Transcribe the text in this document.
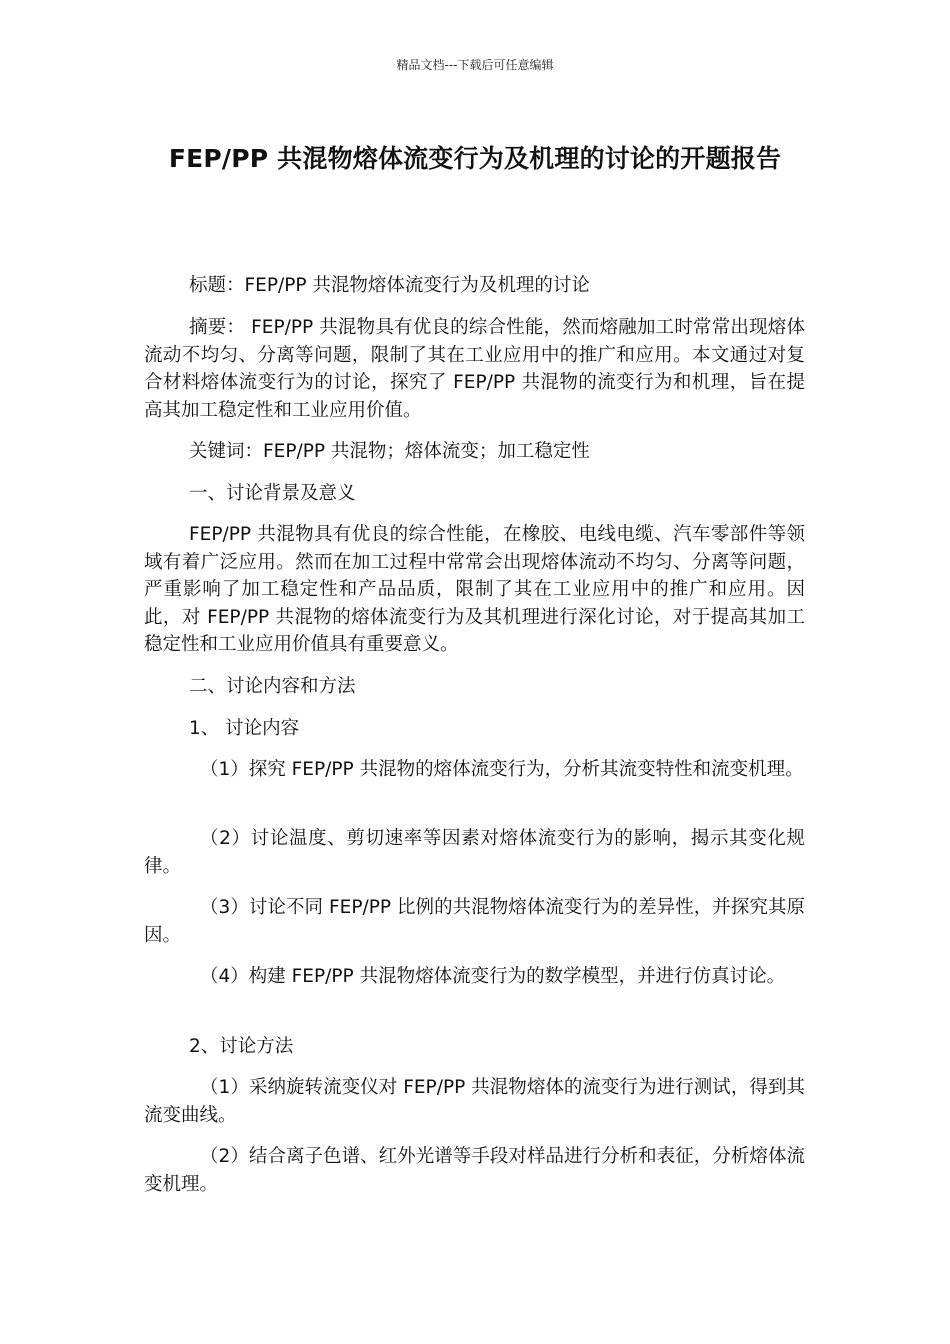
精品文档---下载后可任意编辑
FEP/PP 共混物熔体流变行为及机理的讨论的开题报告

标题：FEP/PP 共混物熔体流变行为及机理的讨论

摘要： FEP/PP 共混物具有优良的综合性能，然而熔融加工时常常出现熔体流动不均匀、分离等问题，限制了其在工业应用中的推广和应用。本文通过对复合材料熔体流变行为的讨论，探究了 FEP/PP 共混物的流变行为和机理，旨在提高其加工稳定性和工业应用价值。

关键词：FEP/PP 共混物；熔体流变；加工稳定性

一、讨论背景及意义

FEP/PP 共混物具有优良的综合性能，在橡胶、电线电缆、汽车零部件等领域有着广泛应用。然而在加工过程中常常会出现熔体流动不均匀、分离等问题，严重影响了加工稳定性和产品品质，限制了其在工业应用中的推广和应用。因此，对 FEP/PP 共混物的熔体流变行为及其机理进行深化讨论，对于提高其加工稳定性和工业应用价值具有重要意义。

二、讨论内容和方法

1、 讨论内容

（1）探究 FEP/PP 共混物的熔体流变行为，分析其流变特性和流变机理。

（2）讨论温度、剪切速率等因素对熔体流变行为的影响，揭示其变化规律。

（3）讨论不同 FEP/PP 比例的共混物熔体流变行为的差异性，并探究其原因。

（4）构建 FEP/PP 共混物熔体流变行为的数学模型，并进行仿真讨论。

2、讨论方法

（1）采纳旋转流变仪对 FEP/PP 共混物熔体的流变行为进行测试，得到其流变曲线。

（2）结合离子色谱、红外光谱等手段对样品进行分析和表征，分析熔体流变机理。
